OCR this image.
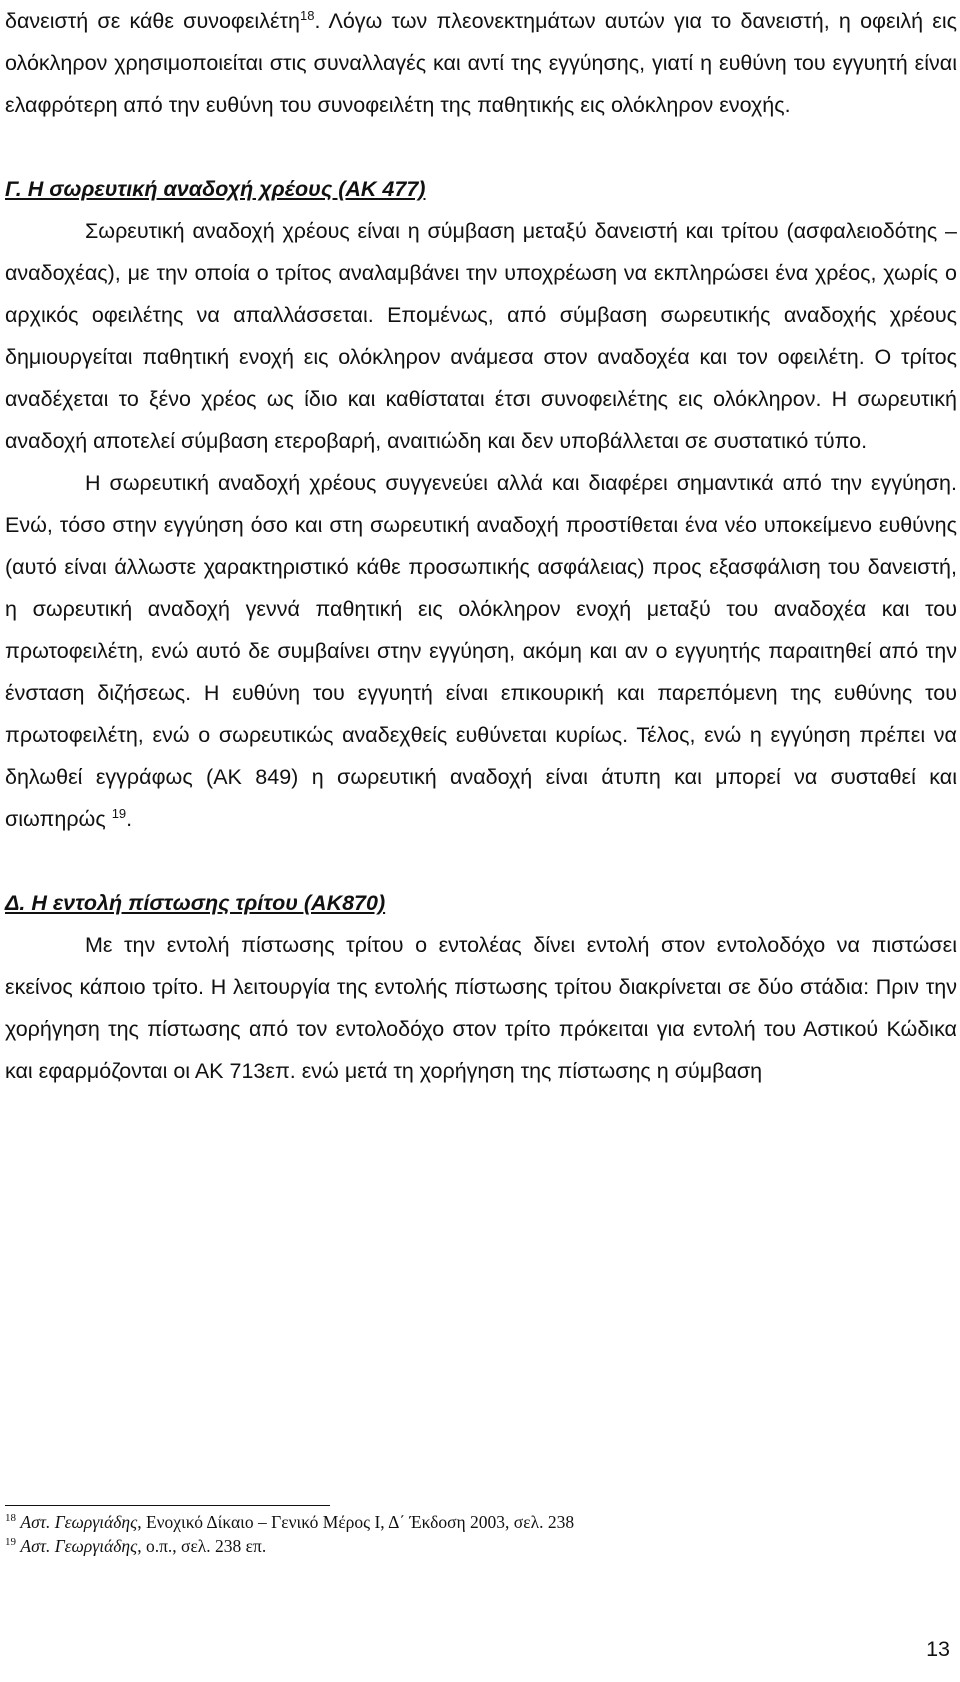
δανειστή σε κάθε συνοφειλέτη$^{18}$. Λόγω των πλεονεκτημάτων αυτών για το δανειστή, η οφειλή εις ολόκληρον χρησιμοποιείται στις συναλλαγές και αντί της εγγύησης, γιατί η ευθύνη του εγγυητή είναι ελαφρότερη από την ευθύνη του συνοφειλέτη της παθητικής εις ολόκληρον ενοχής.

Γ. Η σωρευτική αναδοχή χρέους (ΑΚ 477)

Σωρευτική αναδοχή χρέους είναι η σύμβαση μεταξύ δανειστή και τρίτου (ασφαλειοδότης – αναδοχέας), με την οποία ο τρίτος αναλαμβάνει την υποχρέωση να εκπληρώσει ένα χρέος, χωρίς ο αρχικός οφειλέτης να απαλλάσσεται. Επομένως, από σύμβαση σωρευτικής αναδοχής χρέους δημιουργείται παθητική ενοχή εις ολόκληρον ανάμεσα στον αναδοχέα και τον οφειλέτη. Ο τρίτος αναδέχεται το ξένο χρέος ως ίδιο και καθίσταται έτσι συνοφειλέτης εις ολόκληρον. Η σωρευτική αναδοχή αποτελεί σύμβαση ετεροβαρή, αναιτιώδη και δεν υποβάλλεται σε συστατικό τύπο.

Η σωρευτική αναδοχή χρέους συγγενεύει αλλά και διαφέρει σημαντικά από την εγγύηση. Ενώ, τόσο στην εγγύηση όσο και στη σωρευτική αναδοχή προστίθεται ένα νέο υποκείμενο ευθύνης (αυτό είναι άλλωστε χαρακτηριστικό κάθε προσωπικής ασφάλειας) προς εξασφάλιση του δανειστή, η σωρευτική αναδοχή γεννά παθητική εις ολόκληρον ενοχή μεταξύ του αναδοχέα και του πρωτοφειλέτη, ενώ αυτό δε συμβαίνει στην εγγύηση, ακόμη και αν ο εγγυητής παραιτηθεί από την ένσταση διζήσεως. Η ευθύνη του εγγυητή είναι επικουρική και παρεπόμενη της ευθύνης του πρωτοφειλέτη, ενώ ο σωρευτικώς αναδεχθείς ευθύνεται κυρίως. Τέλος, ενώ η εγγύηση πρέπει να δηλωθεί εγγράφως (ΑΚ 849) η σωρευτική αναδοχή είναι άτυπη και μπορεί να συσταθεί και σιωπηρώς $^{19}$.

Δ. Η εντολή πίστωσης τρίτου (ΑΚ870)

Με την εντολή πίστωσης τρίτου ο εντολέας δίνει εντολή στον εντολοδόχο να πιστώσει εκείνος κάποιο τρίτο. Η λειτουργία της εντολής πίστωσης τρίτου διακρίνεται σε δύο στάδια: Πριν την χορήγηση της πίστωσης από τον εντολοδόχο στον τρίτο πρόκειται για εντολή του Αστικού Κώδικα και εφαρμόζονται οι ΑΚ 713επ. ενώ μετά τη χορήγηση της πίστωσης η σύμβαση

$^{18}$ Αστ. Γεωργιάδης, Ενοχικό Δίκαιο – Γενικό Μέρος Ι, Δ΄ Έκδοση 2003, σελ. 238

$^{19}$ Αστ. Γεωργιάδης, ο.π., σελ. 238 επ.

13
